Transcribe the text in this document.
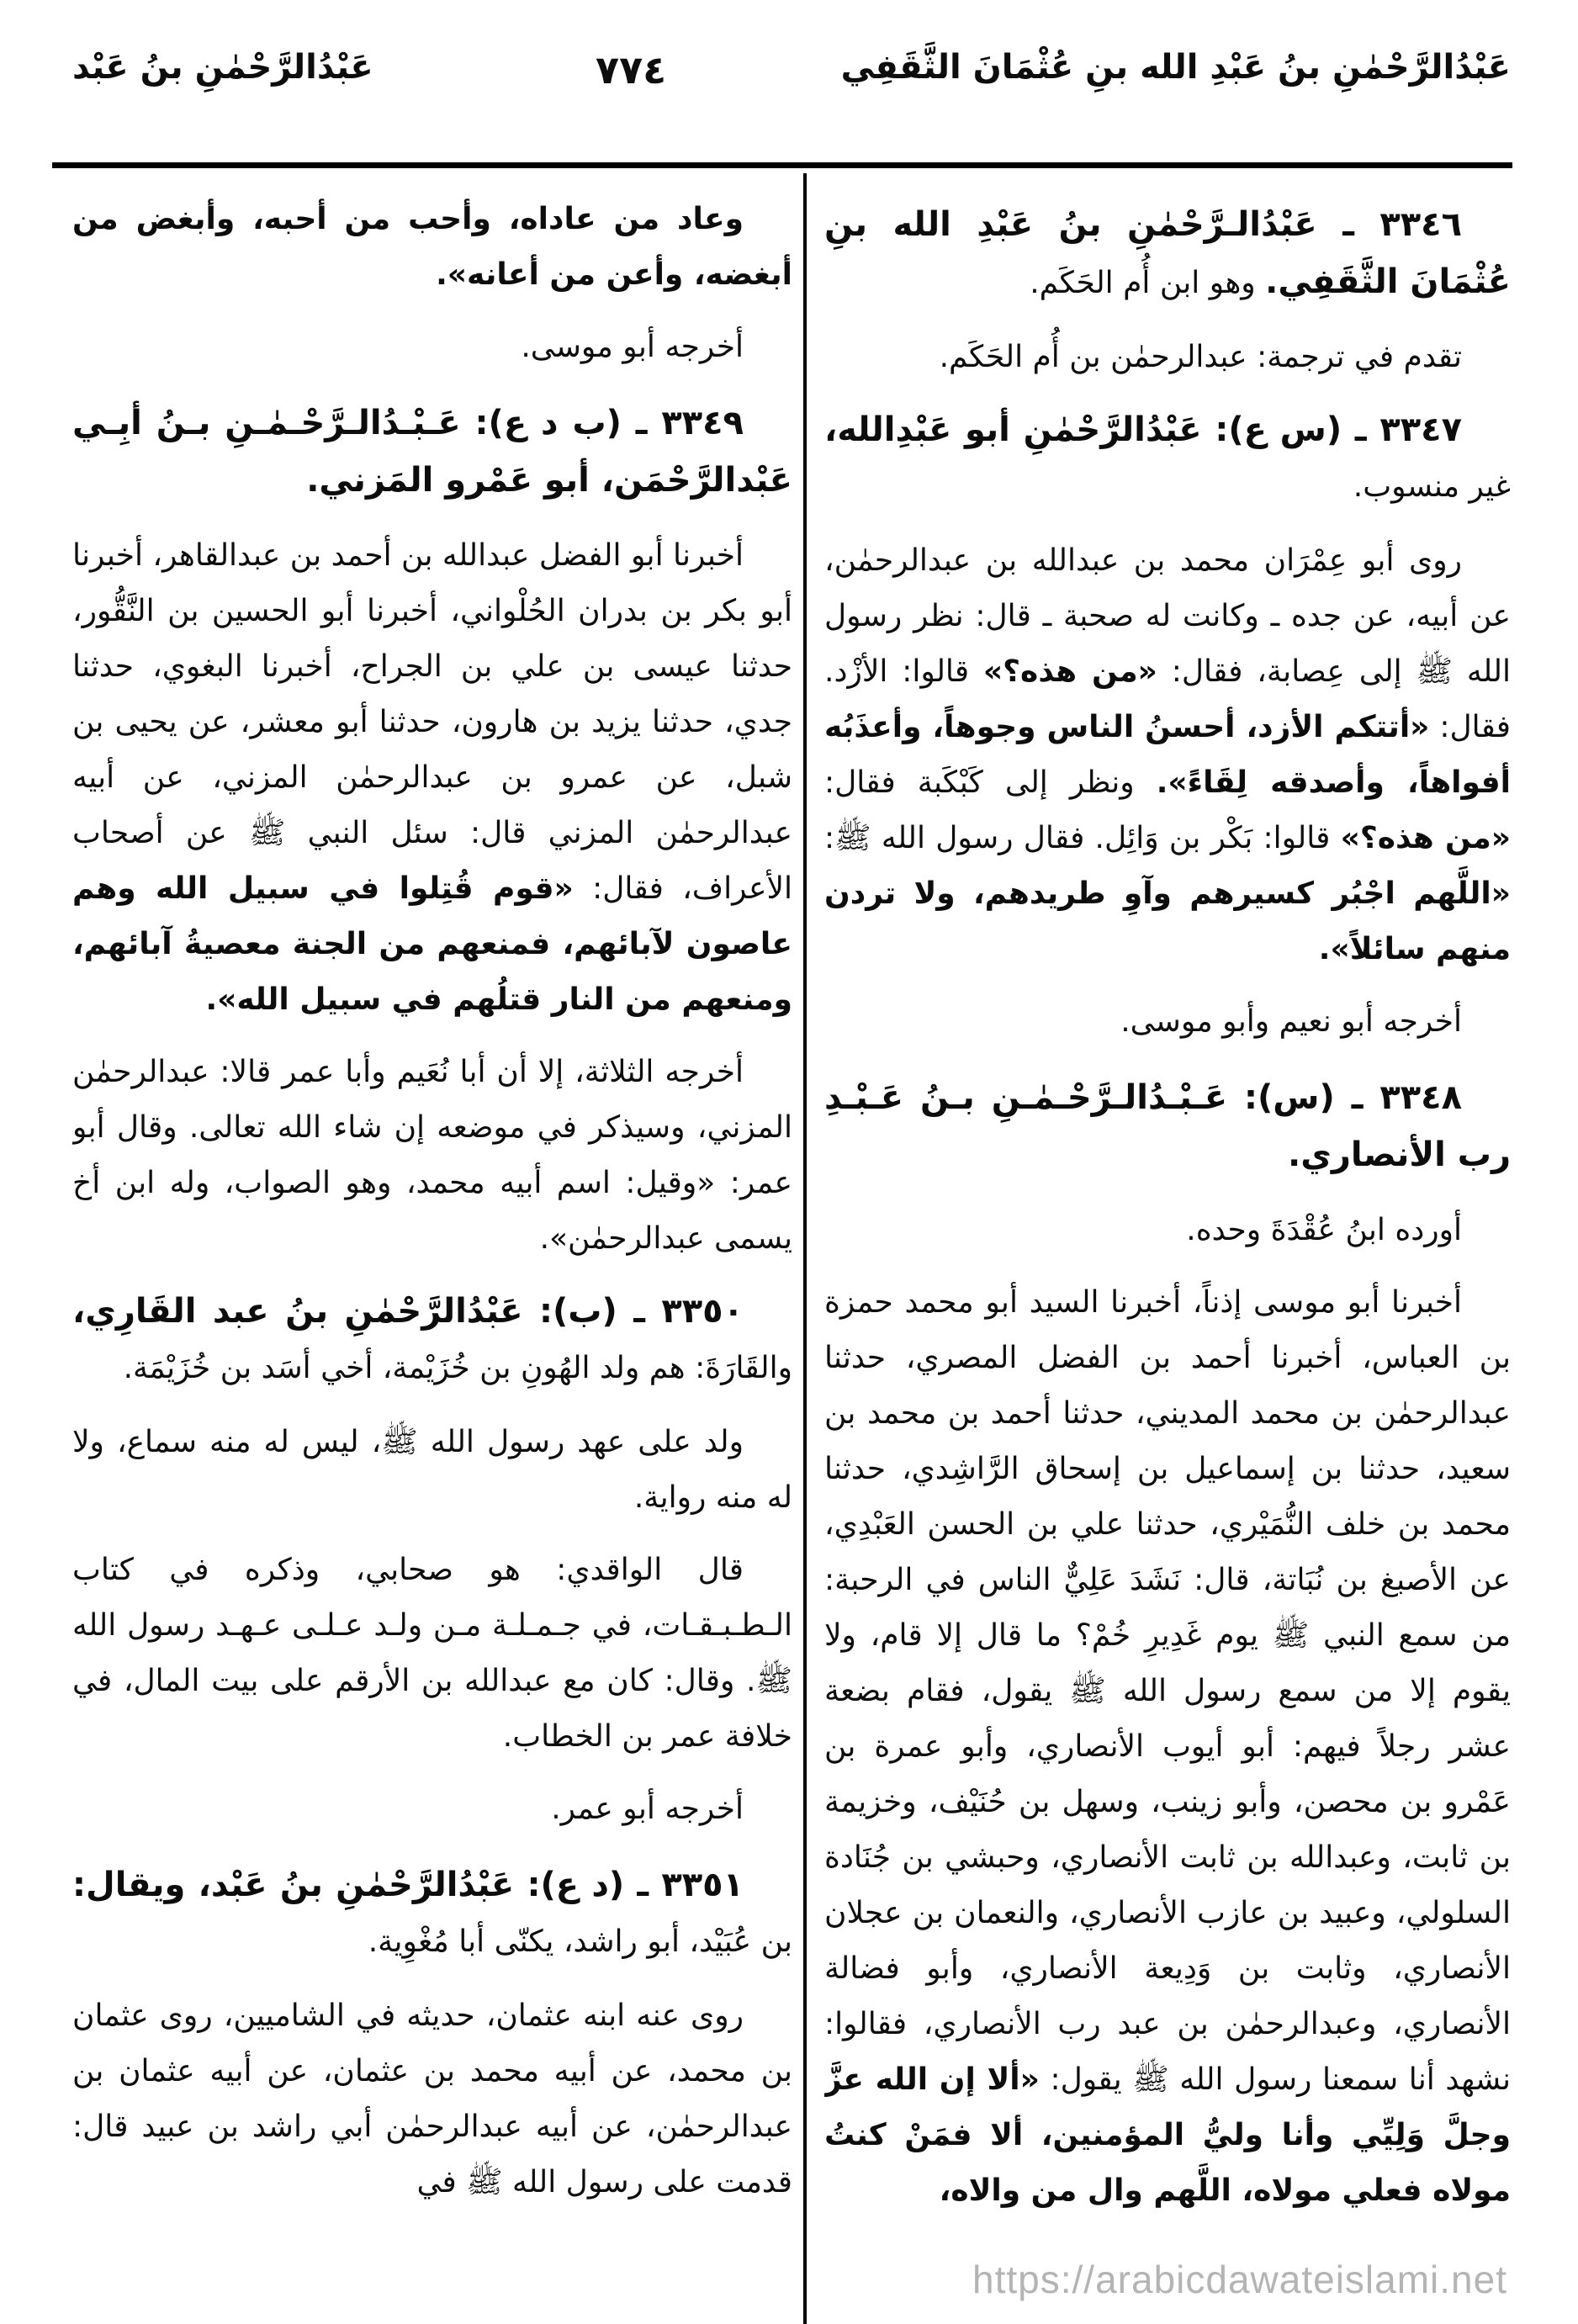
عَبْدُالرَّحْمٰنِ بنُ عَبْدِ الله بنِ عُثْمَانَ الثَّقَفِي
٧٧٤
عَبْدُالرَّحْمٰنِ بنُ عَبْد

٣٣٤٦ ـ عَبْدُالـرَّحْمٰنِ بنُ عَبْدِ الله بنِ عُثْمَانَ الثَّقَفِي. وهو ابن أُم الحَكَم.

تقدم في ترجمة: عبدالرحمٰن بن أُم الحَكَم.

٣٣٤٧ ـ (س ع): عَبْدُالرَّحْمٰنِ أبو عَبْدِالله، غير منسوب.

روى أبو عِمْرَان محمد بن عبدالله بن عبدالرحمٰن، عن أبيه، عن جده ـ وكانت له صحبة ـ قال: نظر رسول الله ﷺ إلى عِصابة، فقال: «من هذه؟» قالوا: الأزْد. فقال: «أتتكم الأزد، أحسنُ الناس وجوهاً، وأعذَبُه أفواهاً، وأصدقه لِقَاءً». ونظر إلى كَبْكَبة فقال: «من هذه؟» قالوا: بَكْر بن وَائِل. فقال رسول الله ﷺ: «اللَّهم اجْبُر كسيرهم وآوِ طريدهم، ولا تردن منهم سائلاً».

أخرجه أبو نعيم وأبو موسى.

٣٣٤٨ ـ (س): عَـبْـدُالـرَّحْـمٰـنِ بـنُ عَـبْـدِ رب الأنصاري.

أورده ابنُ عُقْدَةَ وحده.

أخبرنا أبو موسى إذناً، أخبرنا السيد أبو محمد حمزة بن العباس، أخبرنا أحمد بن الفضل المصري، حدثنا عبدالرحمٰن بن محمد المديني، حدثنا أحمد بن محمد بن سعيد، حدثنا بن إسماعيل بن إسحاق الرَّاشِدي، حدثنا محمد بن خلف النُّمَيْري، حدثنا علي بن الحسن العَبْدِي، عن الأصبغ بن نُبَاتة، قال: نَشَدَ عَلِيٌّ الناس في الرحبة: من سمع النبي ﷺ يوم غَدِيرِ خُمْ؟ ما قال إلا قام، ولا يقوم إلا من سمع رسول الله ﷺ يقول، فقام بضعة عشر رجلاً فيهم: أبو أيوب الأنصاري، وأبو عمرة بن عَمْرو بن محصن، وأبو زينب، وسهل بن حُنَيْف، وخزيمة بن ثابت، وعبدالله بن ثابت الأنصاري، وحبشي بن جُنَادة السلولي، وعبيد بن عازب الأنصاري، والنعمان بن عجلان الأنصاري، وثابت بن وَدِيعة الأنصاري، وأبو فضالة الأنصاري، وعبدالرحمٰن بن عبد رب الأنصاري، فقالوا: نشهد أنا سمعنا رسول الله ﷺ يقول: «ألا إن الله عزَّ وجلَّ وَلِيِّي وأنا وليُّ المؤمنين، ألا فمَنْ كنتُ مولاه فعلي مولاه، اللَّهم وال من والاه،

وعاد من عاداه، وأحب من أحبه، وأبغض من أبغضه، وأعن من أعانه».

أخرجه أبو موسى.

٣٣٤٩ ـ (ب د ع): عَـبْـدُالـرَّحْـمٰـنِ بـنُ أبِـي عَبْدالرَّحْمَن، أبو عَمْرو المَزني.

أخبرنا أبو الفضل عبدالله بن أحمد بن عبدالقاهر، أخبرنا أبو بكر بن بدران الحُلْواني، أخبرنا أبو الحسين بن النَّقُّور، حدثنا عيسى بن علي بن الجراح، أخبرنا البغوي، حدثنا جدي، حدثنا يزيد بن هارون، حدثنا أبو معشر، عن يحيى بن شبل، عن عمرو بن عبدالرحمٰن المزني، عن أبيه عبدالرحمٰن المزني قال: سئل النبي ﷺ عن أصحاب الأعراف، فقال: «قوم قُتِلوا في سبيل الله وهم عاصون لآبائهم، فمنعهم من الجنة معصيةُ آبائهم، ومنعهم من النار قتلُهم في سبيل الله».

أخرجه الثلاثة، إلا أن أبا نُعَيم وأبا عمر قالا: عبدالرحمٰن المزني، وسيذكر في موضعه إن شاء الله تعالى. وقال أبو عمر: «وقيل: اسم أبيه محمد، وهو الصواب، وله ابن أخ يسمى عبدالرحمٰن».

٣٣٥٠ ـ (ب): عَبْدُالرَّحْمٰنِ بنُ عبد القَارِي، والقَارَةَ: هم ولد الهُونِ بن خُزَيْمة، أخي أسَد بن خُزَيْمَة.

ولد على عهد رسول الله ﷺ، ليس له منه سماع، ولا له منه رواية.

قال الواقدي: هو صحابي، وذكره في كتاب الـطـبـقـات، في جـمـلـة مـن ولـد عـلـى عـهـد رسول الله ﷺ. وقال: كان مع عبدالله بن الأرقم على بيت المال، في خلافة عمر بن الخطاب.

أخرجه أبو عمر.

٣٣٥١ ـ (د ع): عَبْدُالرَّحْمٰنِ بنُ عَبْد، ويقال: بن عُبَيْد، أبو راشد، يكنّى أبا مُغْوِية.

روى عنه ابنه عثمان، حديثه في الشاميين، روى عثمان بن محمد، عن أبيه محمد بن عثمان، عن أبيه عثمان بن عبدالرحمٰن، عن أبيه عبدالرحمٰن أبي راشد بن عبيد قال: قدمت على رسول الله ﷺ في

https://arabicdawateislami.net
